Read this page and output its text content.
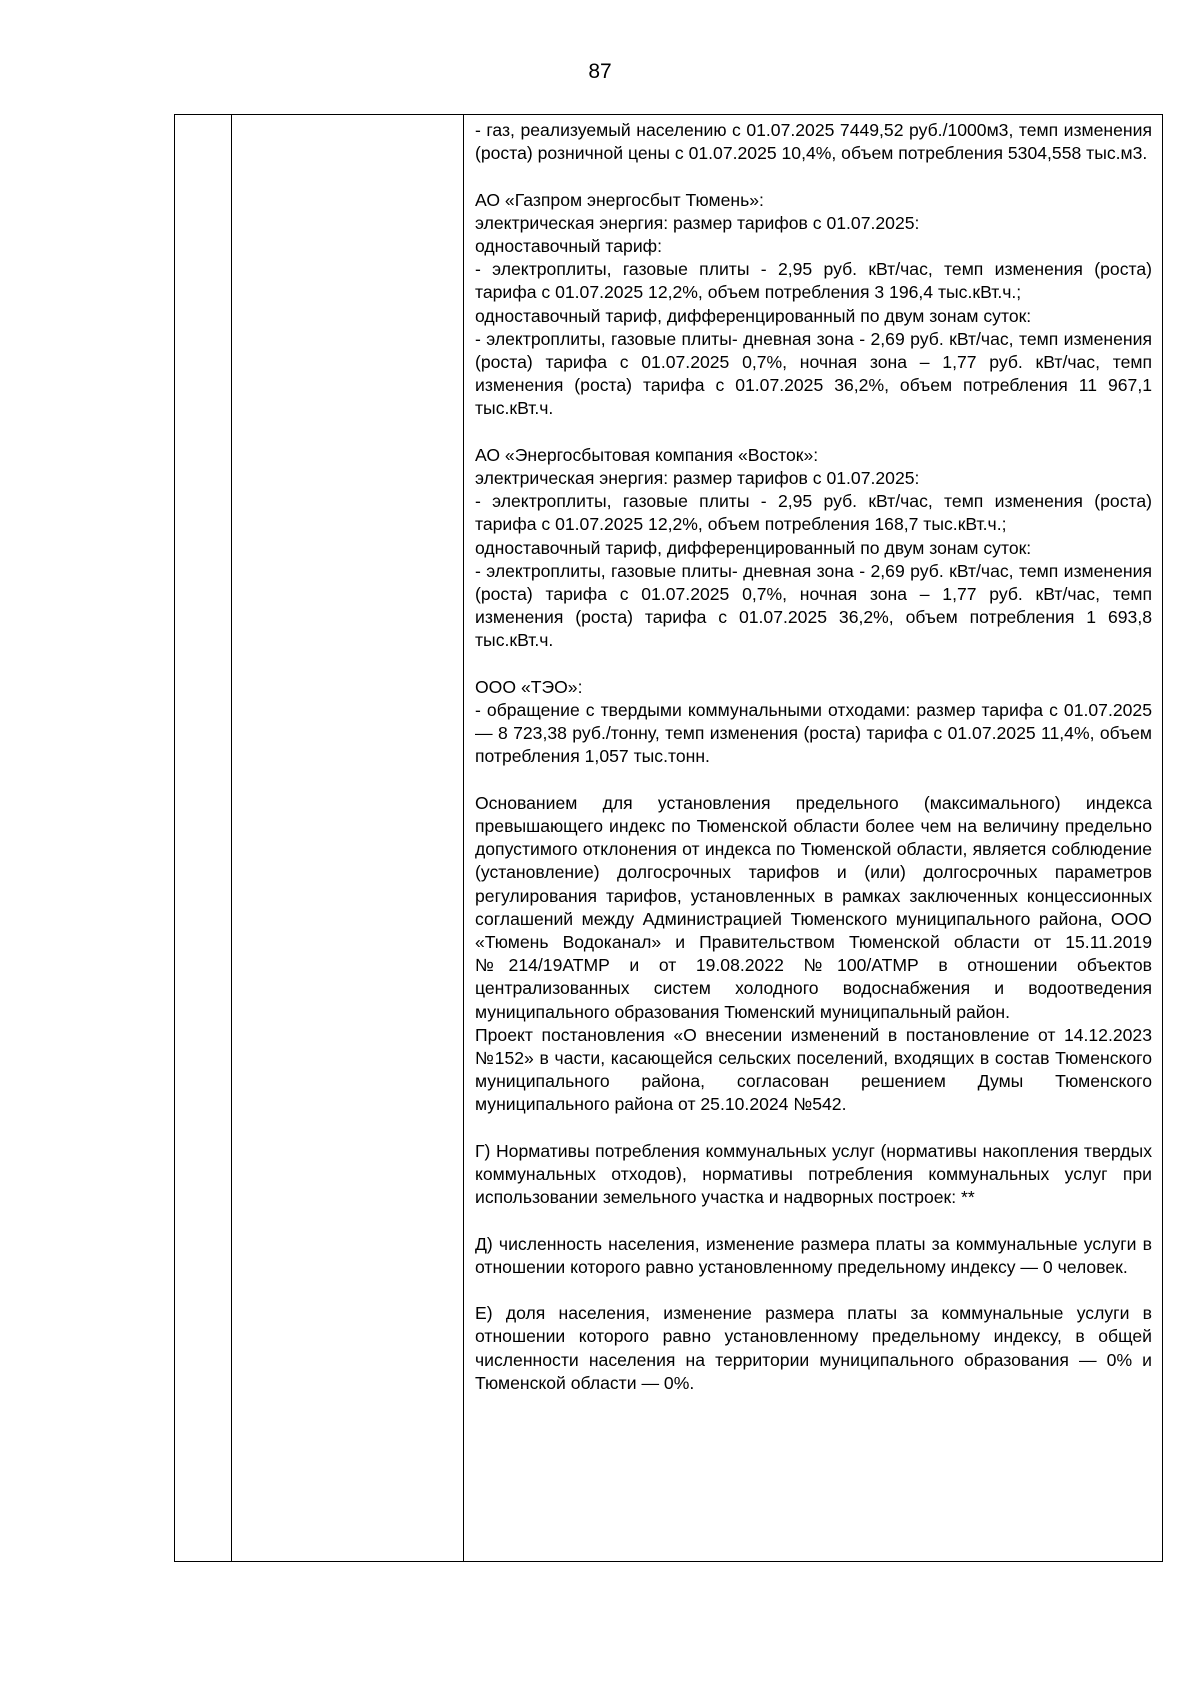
87

- газ, реализуемый населению с 01.07.2025 7449,52 руб./1000м3, темп изменения (роста) розничной цены с 01.07.2025 10,4%, объем потребления 5304,558 тыс.м3.

АО «Газпром энергосбыт Тюмень»:

электрическая энергия: размер тарифов с 01.07.2025:

одноставочный тариф:

- электроплиты, газовые плиты - 2,95 руб. кВт/час, темп изменения (роста) тарифа с 01.07.2025 12,2%, объем потребления 3 196,4 тыс.кВт.ч.;

одноставочный тариф, дифференцированный по двум зонам суток:

- электроплиты, газовые плиты- дневная зона - 2,69 руб. кВт/час, темп изменения (роста) тарифа с 01.07.2025 0,7%, ночная зона – 1,77 руб. кВт/час, темп изменения (роста) тарифа с 01.07.2025 36,2%, объем потребления 11 967,1 тыс.кВт.ч.

АО «Энергосбытовая компания «Восток»:

электрическая энергия: размер тарифов с 01.07.2025:

- электроплиты, газовые плиты - 2,95 руб. кВт/час, темп изменения (роста) тарифа с 01.07.2025 12,2%, объем потребления 168,7 тыс.кВт.ч.;

одноставочный тариф, дифференцированный по двум зонам суток:

- электроплиты, газовые плиты- дневная зона - 2,69 руб. кВт/час, темп изменения (роста) тарифа с 01.07.2025 0,7%, ночная зона – 1,77 руб. кВт/час, темп изменения (роста) тарифа с 01.07.2025 36,2%, объем потребления 1 693,8 тыс.кВт.ч.

ООО «ТЭО»:

- обращение с твердыми коммунальными отходами: размер тарифа с 01.07.2025 — 8 723,38 руб./тонну, темп изменения (роста) тарифа с 01.07.2025 11,4%, объем потребления 1,057 тыс.тонн.

Основанием для установления предельного (максимального) индекса превышающего индекс по Тюменской области более чем на величину предельно допустимого отклонения от индекса по Тюменской области, является соблюдение (установление) долгосрочных тарифов и (или) долгосрочных параметров регулирования тарифов, установленных в рамках заключенных концессионных соглашений между Администрацией Тюменского муниципального района, ООО «Тюмень Водоканал» и Правительством Тюменской области от 15.11.2019 №214/19АТМР и от 19.08.2022 №100/АТМР в отношении объектов централизованных систем холодного водоснабжения и водоотведения муниципального образования Тюменский муниципальный район.

Проект постановления «О внесении изменений в постановление от 14.12.2023 №152» в части, касающейся сельских поселений, входящих в состав Тюменского муниципального района, согласован решением Думы Тюменского муниципального района от 25.10.2024 №542.

Г) Нормативы потребления коммунальных услуг (нормативы накопления твердых коммунальных отходов), нормативы потребления коммунальных услуг при использовании земельного участка и надворных построек: **

Д) численность населения, изменение размера платы за коммунальные услуги в отношении которого равно установленному предельному индексу — 0 человек.

Е) доля населения, изменение размера платы за коммунальные услуги в отношении которого равно установленному предельному индексу, в общей численности населения на территории муниципального образования — 0% и Тюменской области — 0%.
